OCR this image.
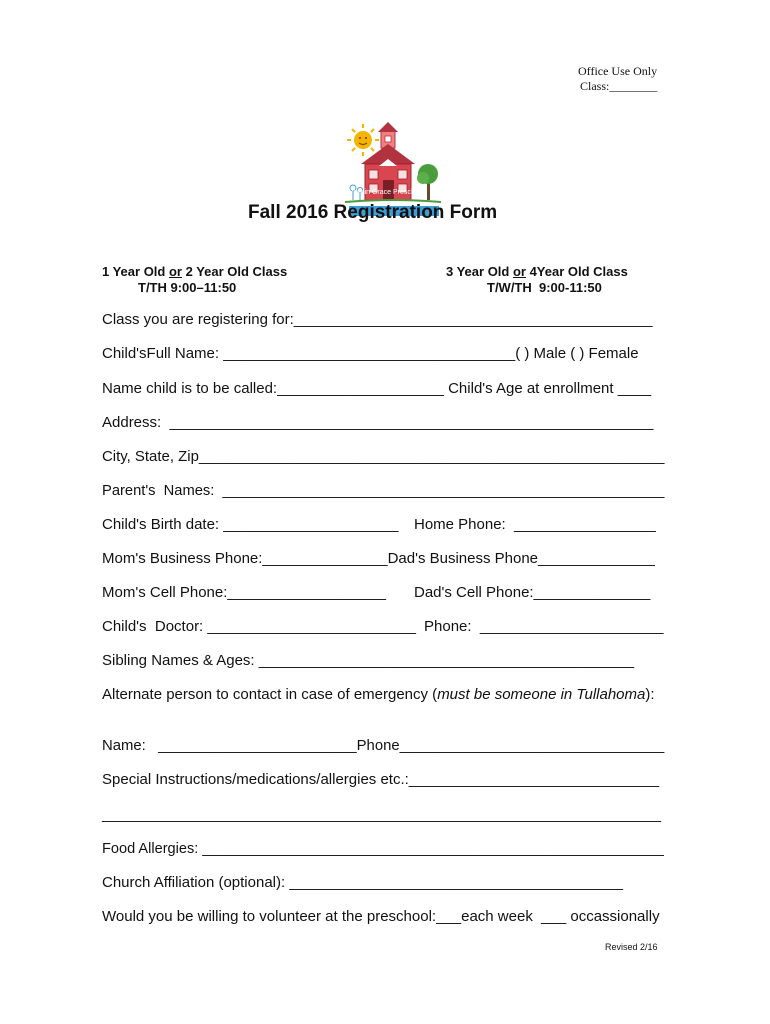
Office Use Only
Class:________

Grow in Grace Preschool

Fall 2016 Registration Form
1 Year Old or 2 Year Old Class
T/TH 9:00–11:50
3 Year Old or 4Year Old Class
T/W/TH  9:00-11:50
Class you are registering for:___________________________________________
Child'sFull Name: ___________________________________( ) Male ( ) Female
Name child is to be called:____________________ Child's Age at enrollment ____
Address:  __________________________________________________________
City, State, Zip________________________________________________________
Parent's  Names:  ______________________________________________________
Child's Birth date: _____________________ Home Phone:  _________________
Mom's Business Phone:_______________Dad's Business Phone______________
Mom's Cell Phone:___________________ Dad's Cell Phone:______________
Child's  Doctor: _________________________ Phone:  ______________________
Sibling Names & Ages: _____________________________________________
Alternate person to contact in case of emergency (must be someone in Tullahoma):
Name:   ________________________Phone________________________________
Special Instructions/medications/allergies etc.:______________________________
___________________________________________________________________
Food Allergies: _________________________________________________________
Church Affiliation (optional): ________________________________________
Would you be willing to volunteer at the preschool:___each week  ___ occassionally
Revised 2/16
